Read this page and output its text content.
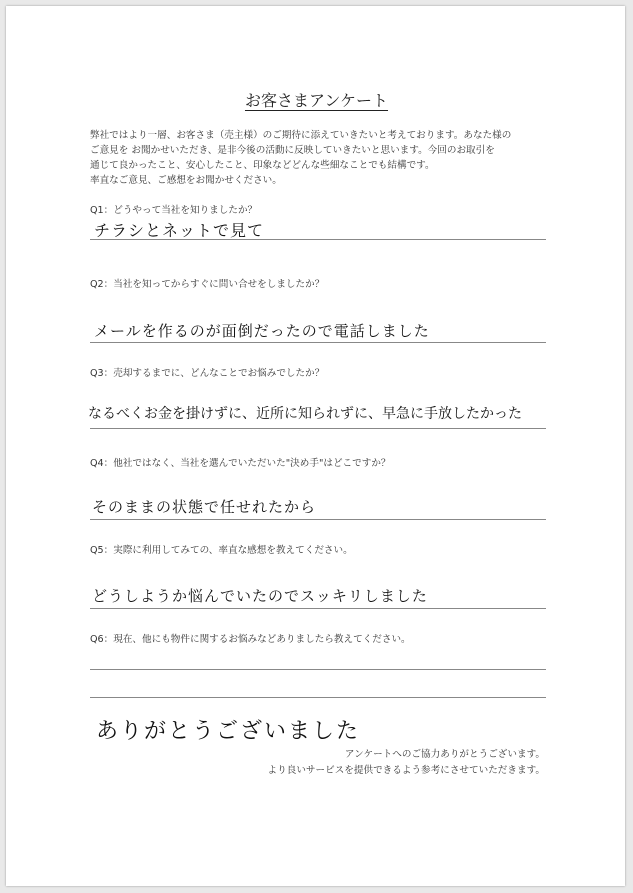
お客さまアンケート

弊社ではより一層、お客さま（売主様）のご期待に添えていきたいと考えております。あなた様の

ご意見を お聞かせいただき、是非今後の活動に反映していきたいと思います。今回のお取引を

通じて良かったこと、安心したこと、印象などどんな些細なことでも結構です。

率直なご意見、ご感想をお聞かせください。

Q1：どうやって当社を知りましたか？
チラシとネットで見て
Q2：当社を知ってからすぐに問い合せをしましたか？
メールを作るのが面倒だったので電話しました
Q3：売却するまでに、どんなことでお悩みでしたか？
なるべくお金を掛けずに、近所に知られずに、早急に手放したかった
Q4：他社ではなく、当社を選んでいただいた"決め手"はどこですか？
そのままの状態で任せれたから
Q5：実際に利用してみての、率直な感想を教えてください。
どうしようか悩んでいたのでスッキリしました
Q6：現在、他にも物件に関するお悩みなどありましたら教えてください。
ありがとうございました
アンケートへのご協力ありがとうございます。
より良いサービスを提供できるよう参考にさせていただきます。
